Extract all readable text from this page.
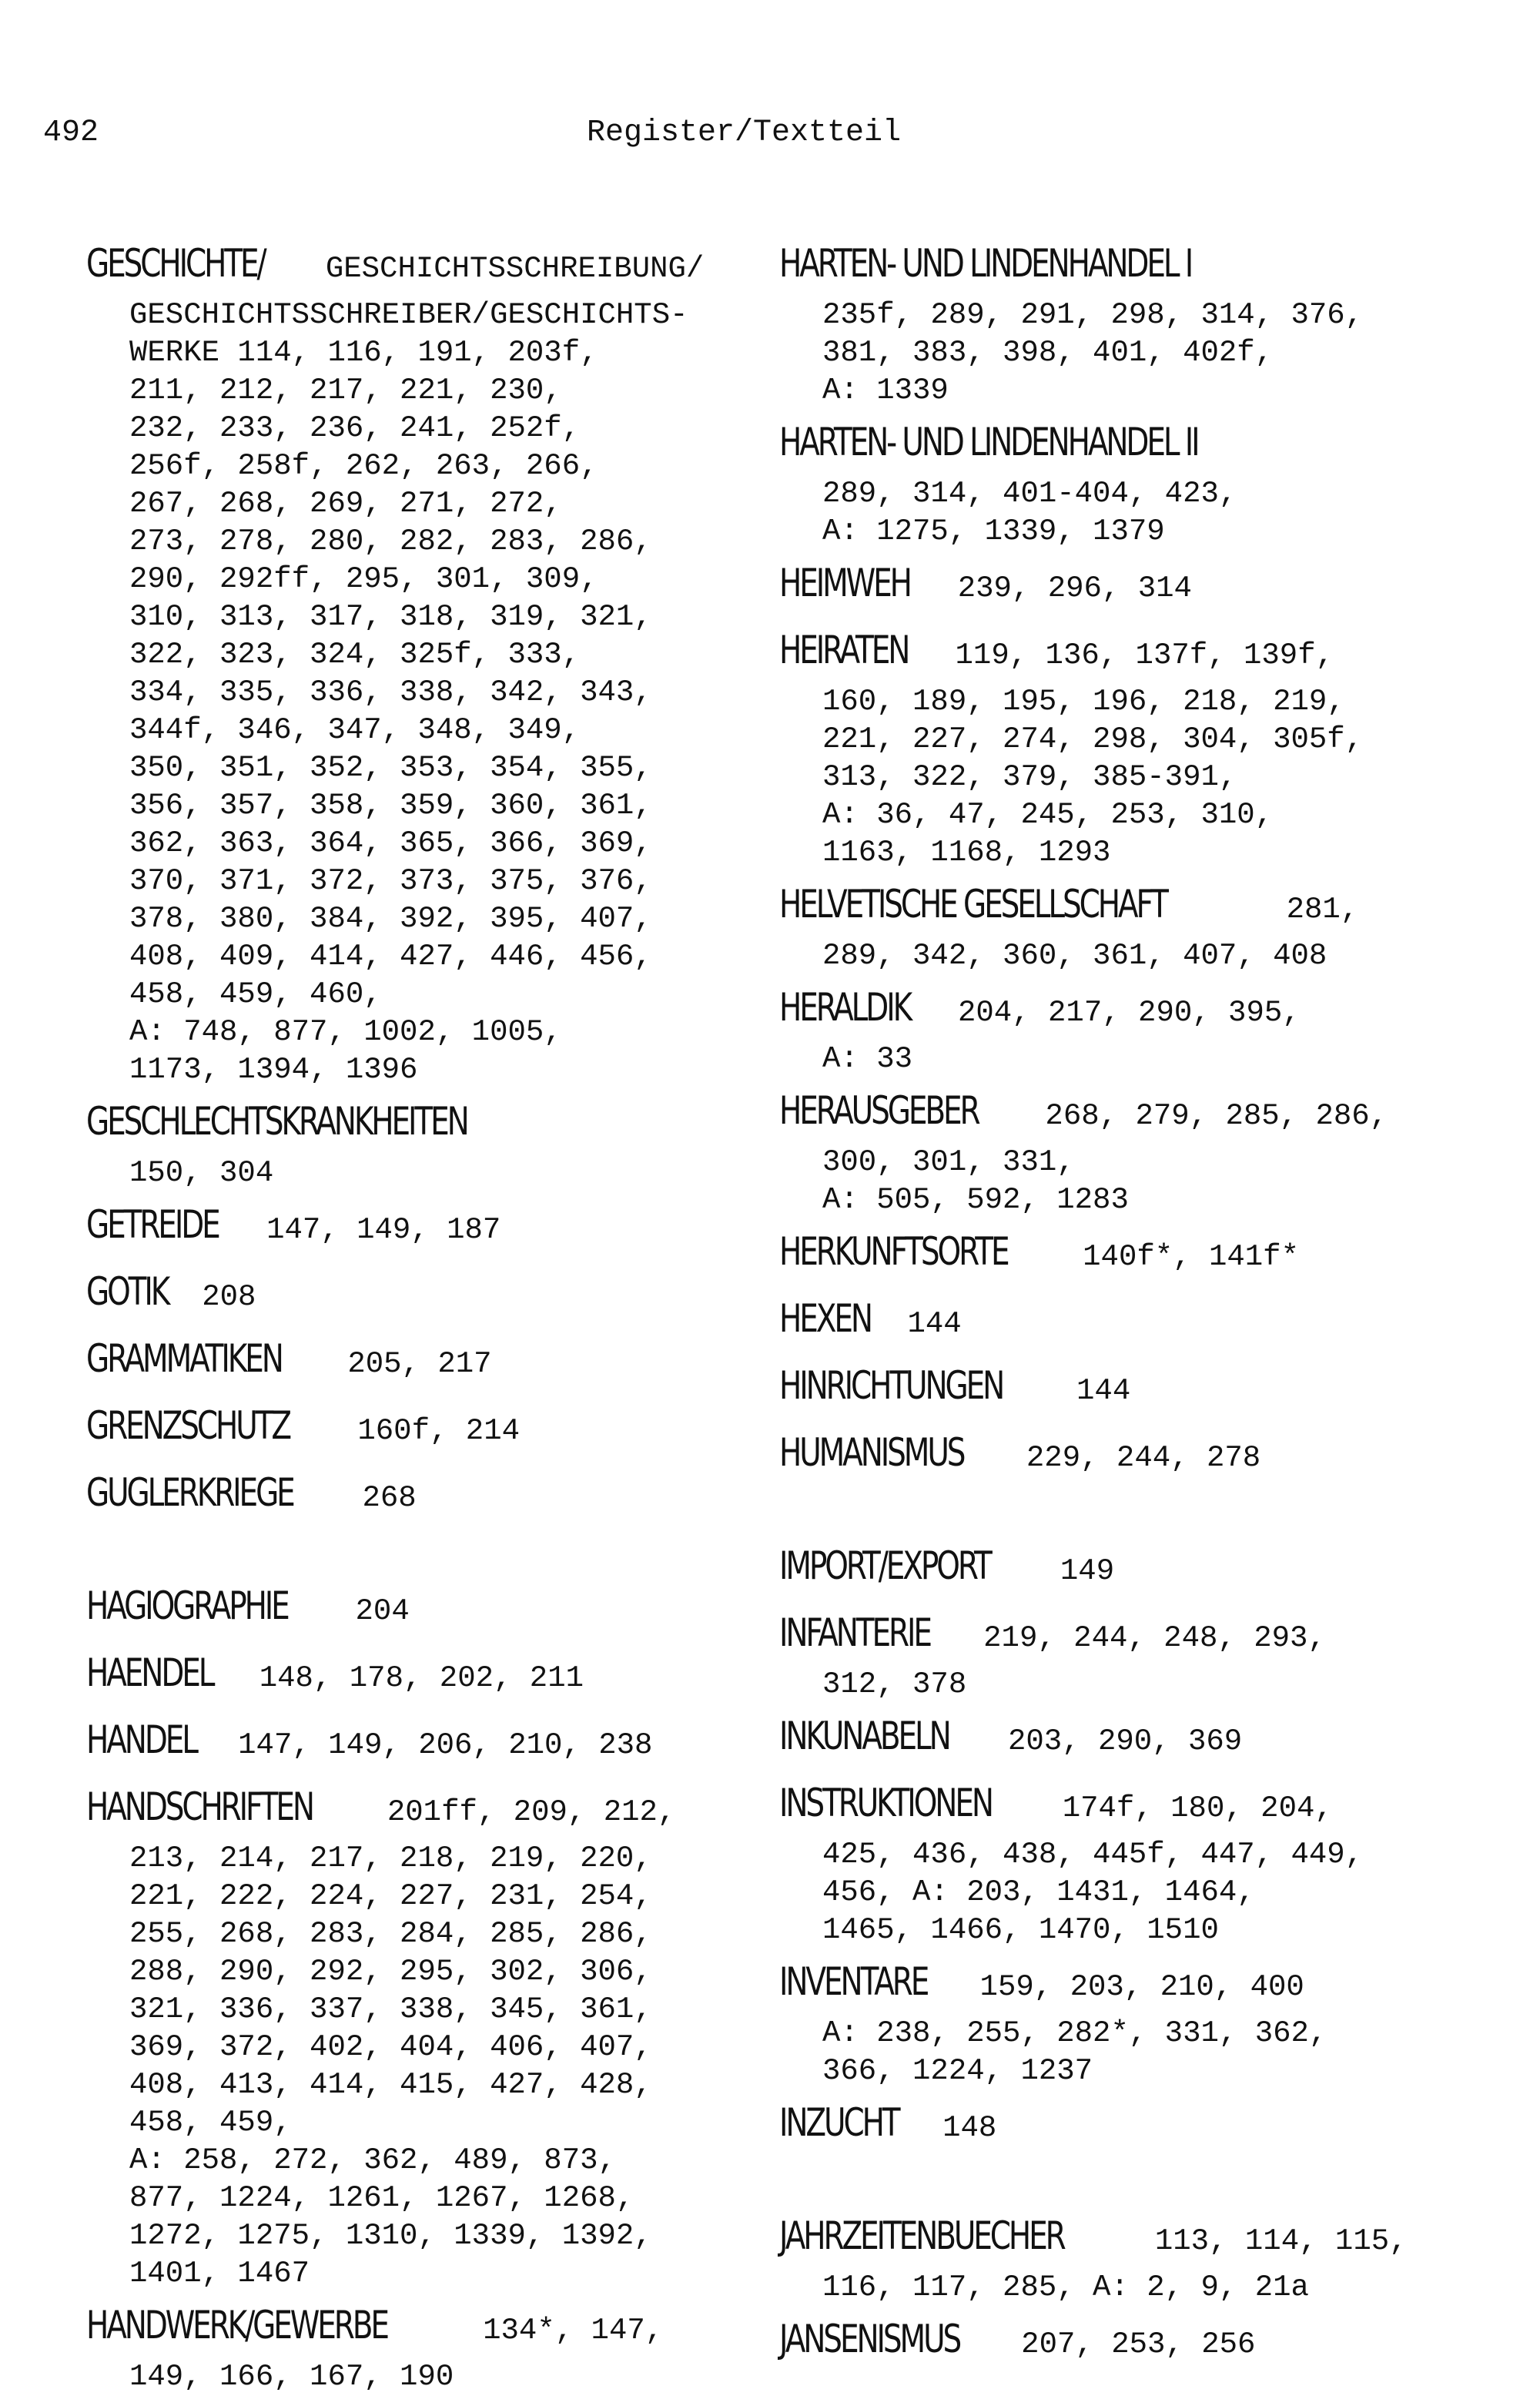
492	Register/Textteil
GESCHICHTE/ GESCHICHTSSCHREIBUNG/
GESCHICHTSSCHREIBER/GESCHICHTS-
WERKE 114, 116, 191, 203f,
211, 212, 217, 221, 230,
232, 233, 236, 241, 252f,
256f, 258f, 262, 263, 266,
267, 268, 269, 271, 272,
273, 278, 280, 282, 283, 286,
290, 292ff, 295, 301, 309,
310, 313, 317, 318, 319, 321,
322, 323, 324, 325f, 333,
334, 335, 336, 338, 342, 343,
344f, 346, 347, 348, 349,
350, 351, 352, 353, 354, 355,
356, 357, 358, 359, 360, 361,
362, 363, 364, 365, 366, 369,
370, 371, 372, 373, 375, 376,
378, 380, 384, 392, 395, 407,
408, 409, 414, 427, 446, 456,
458, 459, 460,
A: 748, 877, 1002, 1005,
1173, 1394, 1396
GESCHLECHTSKRANKHEITEN
150, 304
GETREIDE 147, 149, 187
GOTIK 208
GRAMMATIKEN 205, 217
GRENZSCHUTZ 160f, 214
GUGLERKRIEGE 268
HAGIOGRAPHIE 204
HAENDEL 148, 178, 202, 211
HANDEL 147, 149, 206, 210, 238
HANDSCHRIFTEN 201ff, 209, 212,
213, 214, 217, 218, 219, 220,
221, 222, 224, 227, 231, 254,
255, 268, 283, 284, 285, 286,
288, 290, 292, 295, 302, 306,
321, 336, 337, 338, 345, 361,
369, 372, 402, 404, 406, 407,
408, 413, 414, 415, 427, 428,
458, 459,
A: 258, 272, 362, 489, 873,
877, 1224, 1261, 1267, 1268,
1272, 1275, 1310, 1339, 1392,
1401, 1467
HANDWERK/GEWERBE	134*, 147,
149, 166, 167, 190
HARTEN- UND LINDENHANDEL I
235f, 289, 291, 298, 314, 376,
381, 383, 398, 401, 402f,
A: 1339
HARTEN- UND LINDENHANDEL II
289, 314, 401-404, 423,
A: 1275, 1339, 1379
HEIMWEH 239, 296, 314
HEIRATEN 119, 136, 137f, 139f,
160, 189, 195, 196, 218, 219,
221, 227, 274, 298, 304, 305f,
313, 322, 379, 385-391,
A: 36, 47, 245, 253, 310,
1163, 1168, 1293
HELVETISCHE GESELLSCHAFT	281,
289, 342, 360, 361, 407, 408
HERALDIK 204, 217, 290, 395,
A: 33
HERAUSGEBER 268, 279, 285, 286,
300, 301, 331,
A: 505, 592, 1283
HERKUNFTSORTE	140f*, 141f*
HEXEN 144
HINRICHTUNGEN 144
HUMANISMUS 229, 244, 278
IMPORT/EXPORT 149
INFANTERIE 219, 244, 248, 293,
312, 378
INKUNABELN 203, 290, 369
INSTRUKTIONEN 174f, 180, 204,
425, 436, 438, 445f, 447, 449,
456, A: 203, 1431, 1464,
1465, 1466, 1470, 1510
INVENTARE 159, 203, 210, 400
A: 238, 255, 282*, 331, 362,
366, 1224, 1237
INZUCHT 148
JAHRZEITENBUECHER	113, 114, 115,
116, 117, 285, A: 2, 9, 21a
JANSENISMUS 207, 253, 256
